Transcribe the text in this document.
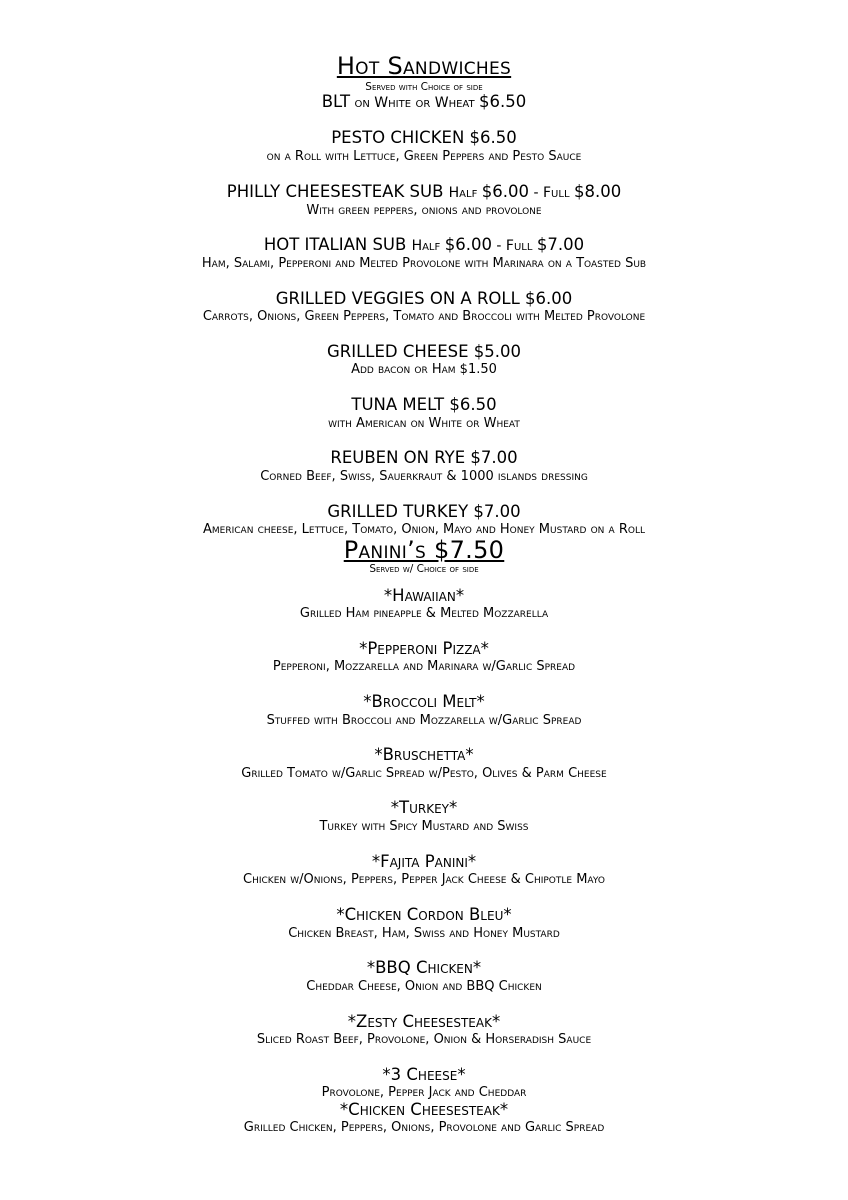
Hot Sandwiches
Served with Choice of side
BLT on White or Wheat $6.50
PESTO CHICKEN $6.50
on a Roll with Lettuce, Green Peppers and Pesto Sauce
PHILLY CHEESESTEAK SUB Half $6.00 - Full $8.00
With green peppers, onions and provolone
HOT ITALIAN SUB Half $6.00 - Full $7.00
Ham, Salami, Pepperoni and Melted Provolone with Marinara on a Toasted Sub
GRILLED VEGGIES ON A ROLL $6.00
Carrots, Onions, Green Peppers, Tomato and Broccoli with Melted Provolone
GRILLED CHEESE $5.00
Add bacon or Ham $1.50
TUNA MELT $6.50
with American on White or Wheat
REUBEN ON RYE $7.00
Corned Beef, Swiss, Sauerkraut & 1000 islands dressing
GRILLED TURKEY $7.00
American cheese, Lettuce, Tomato, Onion, Mayo and Honey Mustard on a Roll
Panini’s $7.50
Served w/ Choice of side
*Hawaiian*
Grilled Ham pineapple & Melted Mozzarella
*Pepperoni Pizza*
Pepperoni, Mozzarella and Marinara w/Garlic Spread
*Broccoli Melt*
Stuffed with Broccoli and Mozzarella w/Garlic Spread
*Bruschetta*
Grilled Tomato w/Garlic Spread w/Pesto, Olives & Parm Cheese
*Turkey*
Turkey with Spicy Mustard and Swiss
*Fajita Panini*
Chicken w/Onions, Peppers, Pepper Jack Cheese & Chipotle Mayo
*Chicken Cordon Bleu*
Chicken Breast, Ham, Swiss and Honey Mustard
*BBQ Chicken*
Cheddar Cheese, Onion and BBQ Chicken
*Zesty Cheesesteak*
Sliced Roast Beef, Provolone, Onion & Horseradish Sauce
*3 Cheese*
Provolone, Pepper Jack and Cheddar
*Chicken Cheesesteak*
Grilled Chicken, Peppers, Onions, Provolone and Garlic Spread
